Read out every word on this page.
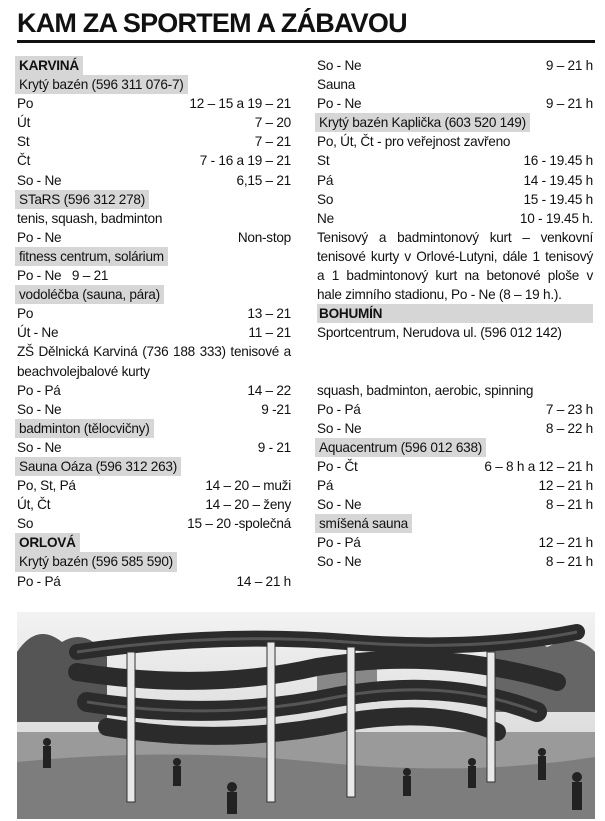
KAM ZA SPORTEM A ZÁBAVOU
KARVINÁ
Krytý bazén (596 311 076-7)
Po	12 – 15 a 19 – 21
Út	7 – 20
St	7 – 21
Čt	7 - 16 a 19 – 21
So - Ne	6,15 – 21
STaRS (596 312 278)
tenis, squash, badminton
Po - Ne	Non-stop
fitness centrum, solárium
Po - Ne   9 – 21
vodoléčba (sauna, pára)
Po	13 – 21
Út - Ne	11 – 21
ZŠ Dělnická Karviná (736 188 333) tenisové a beachvolejbalové kurty
Po - Pá	14 – 22
So - Ne	9 -21
badminton (tělocvičny)
So - Ne	9 - 21
Sauna Oáza (596 312 263)
Po, St, Pá	14 – 20 – muži
Út, Čt	14 – 20 – ženy
So	15 – 20 -společná
ORLOVÁ
Krytý bazén (596 585 590)
Po - Pá	14 – 21 h
So - Ne	9 – 21 h
Sauna
Po - Ne	9 – 21 h
Krytý bazén Kaplička (603 520 149)
Po, Út, Čt - pro veřejnost zavřeno
St	16 - 19.45 h
Pá	14 - 19.45 h
So	15 - 19.45 h
Ne	10 - 19.45 h.
Tenisový a badmintonový kurt – venkovní tenisové kurty v Orlové-Lutyni, dále 1 tenisový a 1 badmintonový kurt na betonové ploše v hale zimního stadionu, Po - Ne (8 – 19 h.).
BOHUMÍN
Sportcentrum, Nerudova ul. (596 012 142)
squash, badminton, aerobic, spinning
Po - Pá	7 – 23 h
So - Ne	8 – 22 h
Aquacentrum (596 012 638)
Po - Čt	6 – 8 h a 12 – 21 h
Pá	12 – 21 h
So - Ne	8 – 21 h
smíšená sauna
Po - Pá	12 – 21 h
So - Ne	8 – 21 h
